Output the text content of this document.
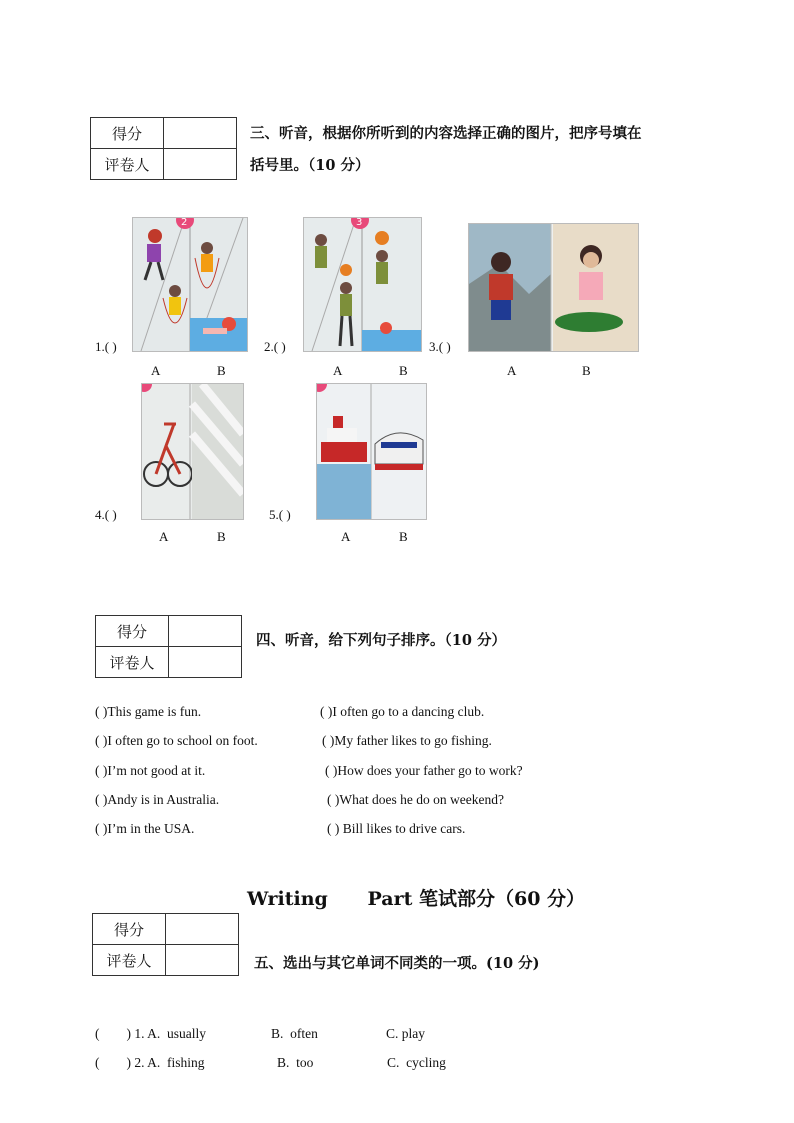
得分	
评卷人	
三、听音，根据你所听到的内容选择正确的图片，把序号填在
括号里。（10 分）
2	3
1.( )	2.( )	3.( )
4.( )	5.( )
A	B	A	B	A	B
A	B	A	B
得分	
评卷人	
四、听音，给下列句子排序。（10 分）
( )This game is fun.
( )I often go to school on foot.
( )I’m not good at it.
( )Andy is in Australia.
( )I’m in the USA.
( )I often go to a dancing club.
( )My father likes to go fishing.
( )How does your father go to work?
( )What does he do on weekend?
( ) Bill likes to drive cars.
Writing      Part 笔试部分（60 分）
得分	
评卷人		五、选出与其它单词不同类的一项。(10 分)
(        ) 1. A.  usually	B.  often	C. play
(        ) 2. A.  fishing	B.  too	C.  cycling
